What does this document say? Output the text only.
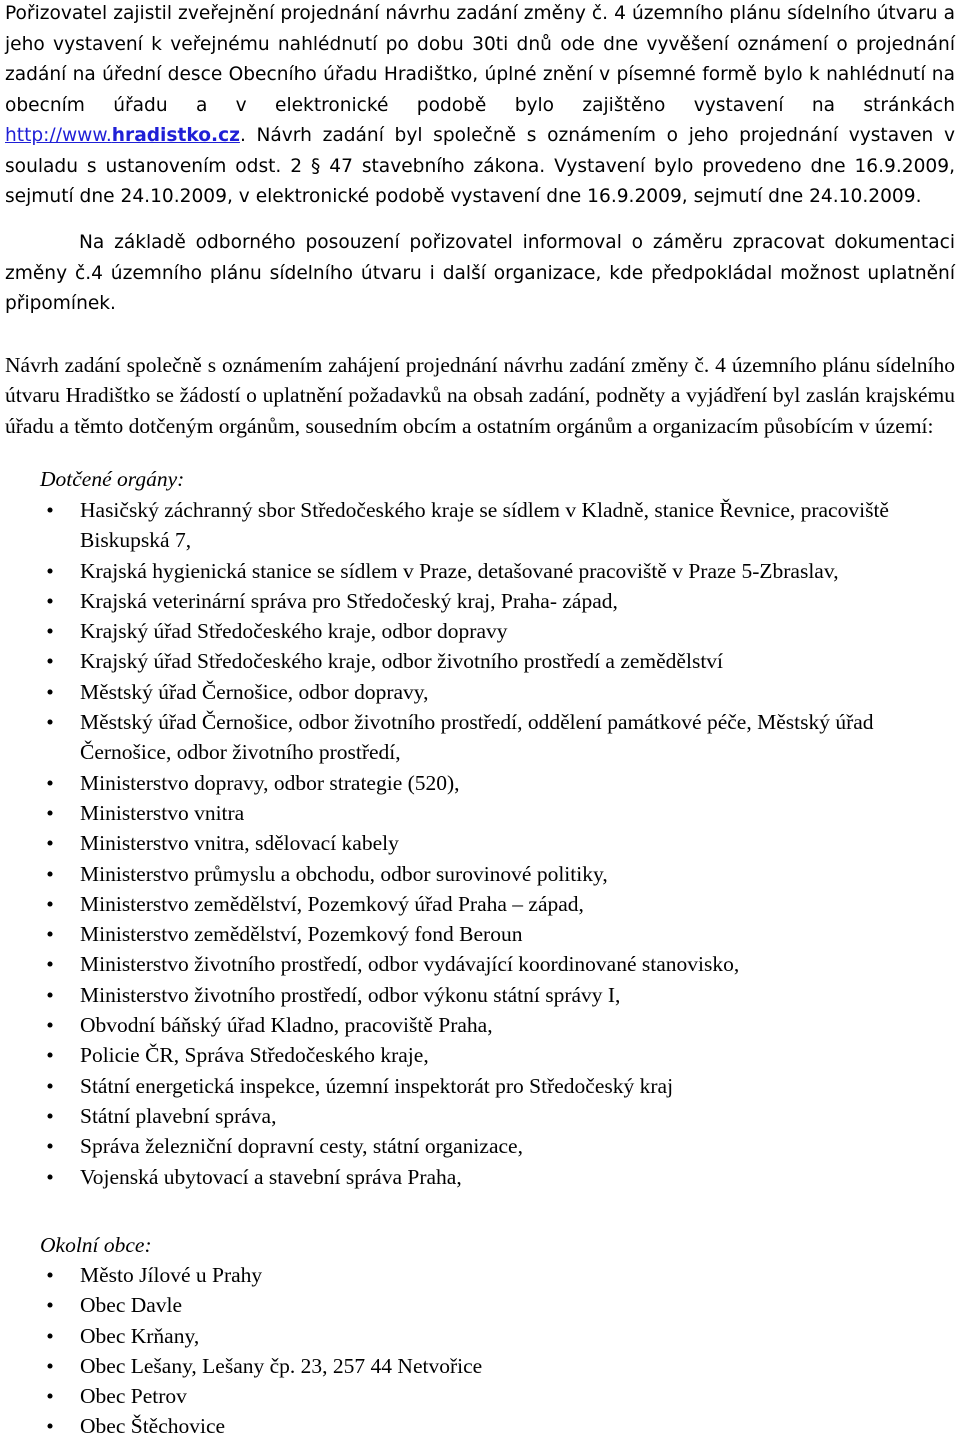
Pořizovatel zajistil zveřejnění projednání návrhu zadání změny č. 4 územního plánu sídelního útvaru a jeho vystavení k veřejnému nahlédnutí po dobu 30ti dnů ode dne vyvěšení oznámení o projednání zadání na úřední desce Obecního úřadu Hradištko, úplné znění v písemné formě bylo k nahlédnutí na obecním úřadu a v elektronické podobě bylo zajištěno vystavení na stránkách http://www.hradistko.cz. Návrh zadání byl společně s oznámením o jeho projednání vystaven v souladu s ustanovením odst. 2 § 47 stavebního zákona. Vystavení bylo provedeno dne 16.9.2009, sejmutí dne 24.10.2009, v elektronické podobě vystavení dne 16.9.2009, sejmutí dne 24.10.2009.

Na základě odborného posouzení pořizovatel informoval o záměru zpracovat dokumentaci změny č.4 územního plánu sídelního útvaru i další organizace, kde předpokládal možnost uplatnění připomínek.

Návrh zadání společně s oznámením zahájení projednání návrhu zadání změny č. 4 územního plánu sídelního útvaru Hradištko se žádostí o uplatnění požadavků na obsah zadání, podněty a vyjádření byl zaslán krajskému úřadu a těmto dotčeným orgánům, sousedním obcím a ostatním orgánům a organizacím působícím v území:

Dotčené orgány:

• Hasičský záchranný sbor Středočeského kraje se sídlem v Kladně, stanice Řevnice, pracoviště Biskupská 7,
• Krajská hygienická stanice se sídlem v Praze, detašované pracoviště v Praze 5-Zbraslav,
• Krajská veterinární správa pro Středočeský kraj, Praha- západ,
• Krajský úřad Středočeského kraje, odbor dopravy
• Krajský úřad Středočeského kraje, odbor životního prostředí a zemědělství
• Městský úřad Černošice, odbor dopravy,
• Městský úřad Černošice, odbor životního prostředí, oddělení památkové péče, Městský úřad Černošice, odbor životního prostředí,
• Ministerstvo dopravy, odbor strategie (520),
• Ministerstvo vnitra
• Ministerstvo vnitra, sdělovací kabely
• Ministerstvo průmyslu a obchodu, odbor surovinové politiky,
• Ministerstvo zemědělství, Pozemkový úřad Praha – západ,
• Ministerstvo zemědělství, Pozemkový fond Beroun
• Ministerstvo životního prostředí, odbor vydávající koordinované stanovisko,
• Ministerstvo životního prostředí, odbor výkonu státní správy I,
• Obvodní báňský úřad Kladno, pracoviště Praha,
• Policie ČR, Správa Středočeského kraje,
• Státní energetická inspekce, územní inspektorát pro Středočeský kraj
• Státní plavební správa,
• Správa železniční dopravní cesty, státní organizace,
• Vojenská ubytovací a stavební správa Praha,

Okolní obce:

• Město Jílové u Prahy
• Obec Davle
• Obec Krňany,
• Obec Lešany, Lešany čp. 23, 257 44 Netvořice
• Obec Petrov
• Obec Štěchovice
